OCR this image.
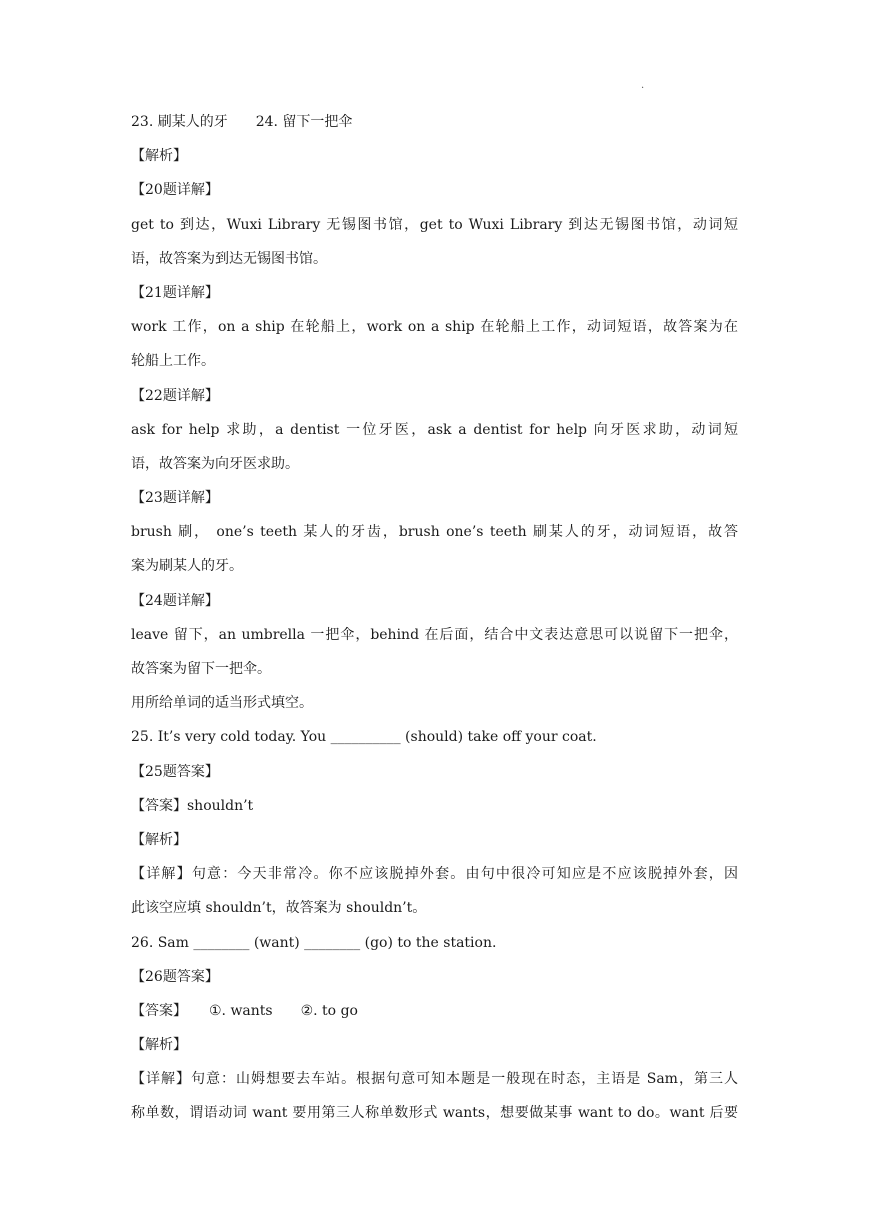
.
23. 刷某人的牙 24. 留下一把伞
【解析】
【20题详解】
get to 到达，Wuxi Library 无锡图书馆，get to Wuxi Library 到达无锡图书馆，动词短
语，故答案为到达无锡图书馆。
【21题详解】
work 工作，on a ship 在轮船上，work on a ship 在轮船上工作，动词短语，故答案为在
轮船上工作。
【22题详解】
ask for help 求助，a dentist 一位牙医，ask a dentist for help 向牙医求助，动词短
语，故答案为向牙医求助。
【23题详解】
brush 刷， one’s teeth 某人的牙齿，brush one’s teeth 刷某人的牙，动词短语，故答
案为刷某人的牙。
【24题详解】
leave 留下，an umbrella 一把伞，behind 在后面，结合中文表达意思可以说留下一把伞，
故答案为留下一把伞。
用所给单词的适当形式填空。
25. It’s very cold today. You __________ (should) take off your coat.
【25题答案】
【答案】shouldn’t
【解析】
【详解】句意：今天非常冷。你不应该脱掉外套。由句中很冷可知应是不应该脱掉外套，因
此该空应填 shouldn’t，故答案为 shouldn’t。
26. Sam ________ (want) ________ (go) to the station.
【26题答案】
【答案】 ①. wants ②. to go
【解析】
【详解】句意：山姆想要去车站。根据句意可知本题是一般现在时态，主语是 Sam，第三人
称单数，谓语动词 want 要用第三人称单数形式 wants，想要做某事 want to do。want 后要
